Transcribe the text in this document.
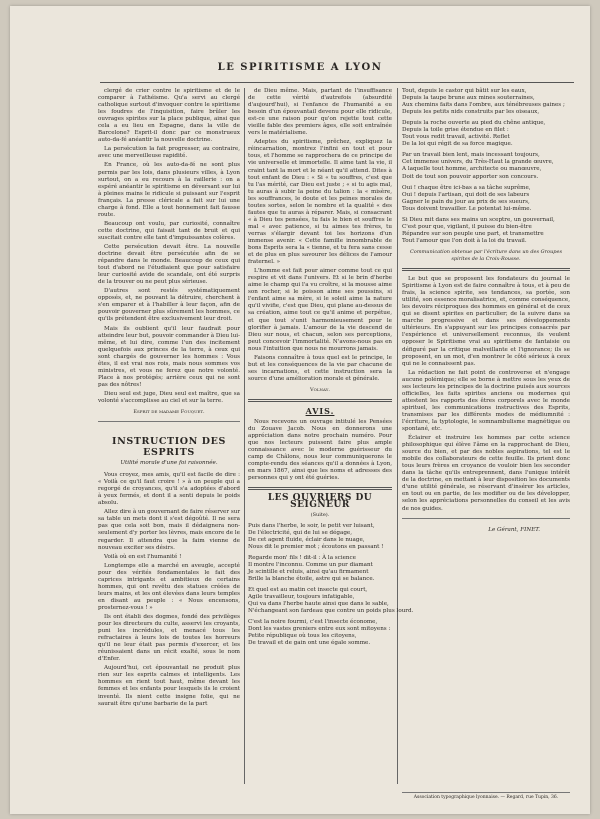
LE SPIRITISME A LYON

clergé de crier contre le spiritisme et de le comparer à l'athéisme. Qu'a servi au clergé catholique surtout d'invoquer contre le spiritisme les foudres de l'inquisition, faire brûler les ouvrages spirites sur la place publique, ainsi que cela a eu lieu en Espagne, dans la ville de Barcelone? Esprit-il donc par ce monstrueux auto-da-fé anéantir la nouvelle doctrine.

La persécution la fait progresser, au contraire, avec une merveilleuse rapidité.

En France, où les auto-da-fé ne sont plus permis par les lois, dans plusieurs villes, à Lyon surtout, on a eu recours à la raillerie : on a espéré anéantir le spiritisme en déversant sur lui à pleines mains le ridicule si puissant sur l'esprit français. La presse cléricale a fait sur lui une charge à fond. Elle a tout honnement fait fausse route.

Beaucoup ont voulu, par curiosité, connaître cette doctrine, qui faisait tant de bruit et qui suscitait contre elle tant d'impuissantes colères.

Cette persécution devait être. La nouvelle doctrine devait être persécutée afin de se répandre dans le monde. Beaucoup de ceux qui tout d'abord ne l'étudiaient que pour satisfaire leur curiosité avide de scandale, ont été surpris de la trouver ou ne peut plus sérieuse.

D'autres sont restés systématiquement opposés, et, ne pouvant la détruire, cherchent à s'en emparer et à l'habiller à leur façon, afin de pouvoir gouverner plus sûrement les hommes, ce qu'ils prétendent être exclusivement leur droit.

Mais ils oublient qu'il leur faudrait pour atteindre leur but, pouvoir commander à Dieu lui-même, et lui dire, comme l'un des incitement quelquefois aux princes de la terre, à ceux qui sont chargés de gouverner les hommes : Vous êtes, il est vrai nos rois, mais nous sommes vos ministres, et vous ne ferez que notre volonté. Place à nos protégés; arrière ceux qui ne sont pas des nôtres!

Dieu seul est juge, Dieu seul est maître, que sa volonté s'accomplisse au ciel et sur la terre.

Esprit de madame Fouquet.
INSTRUCTION DES ESPRITS
Utilité morale d'une foi raisonnée.

Vous croyez, mes amis, qu'il est facile de dire : « Voilà ce qu'il faut croire ! » à un peuple qui a regorgé de croyances, qu'il s'a adoptées d'abord à yeux fermés, et dont il a senti depuis le poids absolu.

Allez dire à un gouvernant de faire réserver sur sa table un mets dont il s'est dégoûté. Il ne sera pas que cela soit bon, mais il dédaignera non-seulement d'y porter les lèvres, mais encore de le regarder. Il attendra que la faim vienne de nouveau exciter ses désirs.

Voilà où en est l'humanité !

Longtemps elle a marché en aveugle, accepté pour des vérités fondamentales le fait des caprices intrigants et ambitieux de certains hommes, qui ont revêtu des statues créées de leurs mains, et les ont élevées dans leurs temples en disant au peuple : « Nous encensons, prosternez-vous ! »

Ils ont établi des dogmes, fondé des privilèges pour les directeurs du culte, asservi les croyants, puni les incrédules, et menacé tous les refractaires à leurs lois de toutes les horreurs qu'il ne leur était pas permis d'exercer, et les réunissaient dans un récit exalté, sous le nom d'Enfer.

Aujourd'hui, cet épouvantail ne produit plus rien sur les esprits calmes et intelligents. Les hommes en rient tout haut, même devant les femmes et les enfants pour lesquels ils le croient inventé. Ils nient cette insigne folie, qui ne saurait être qu'une barbarie de la part

de Dieu même. Mais, partant de l'insuffisance de cette vérité d'autrefois (absurdité d'aujourd'hui), si l'enfance de l'humanité a eu besoin d'un épouvantail devenu pour elle ridicule, est-ce une raison pour qu'on rejette tout cette vieille fable des premiers âges, elle soit entraînée vers le matérialisme.

Adeptes du spiritisme, prêchez, expliquez la réincarnation, montrez l'infini en tout et pour tous, et l'homme se rapprochera de ce principe de vie universelle et immortelle. Il aime tant la vie, il craint tant la mort et le néant qu'il attend. Dites à tout enfant de Dieu : « Si « tu souffres, c'est que tu l'as mérité, car Dieu est juste ; « si tu agis mal, tu auras à subir la peine du talion : la « misère, les souffrances, le doute et les peines morales de toutes sortes, selon le nombre et la qualité « des fautes que tu auras à réparer. Mais, si consacrant « à Dieu tes pensées, tu fais le bien et souffres le mal « avec patience, si tu aimes tes frères, tu verras s'élargir devant toi les horizons d'un immense avenir. « Cette famille innombrable de bons Esprits sera la « tienne, et tu fera sans cesse et de plus en plus savourer les délices de l'amour fraternel. »

L'homme est fait pour aimer comme tout ce qui respire et vit dans l'univers. Et si le brin d'herbe aime le champ qui l'a vu croître, si la mousse aime son rocher, si le poisson aime ses poussins, si l'enfant aime sa mère, si le soleil aime la nature qu'il vivifie, c'est que Dieu, qui plane au-dessus de sa création, aime tout ce qu'il anime et perpétue, et que tout s'unit harmonieusement pour le glorifier à jamais. L'amour de la vie descend de Dieu sur nous, et chacun, selon ses perceptions, peut concevoir l'immortalité. N'avons-nous pas en nous l'intuition que nous ne mourrons jamais.

Faisons connaître à tous quel est le principe, le but et les conséquences de la vie par chacune de ses incarnations, et cette instruction sera la source d'une amélioration morale et générale.

Volnay.
AVIS.

Nous recevons un ouvrage intitulé les Pensées du Zouave Jacob. Nous en donnerons une appréciation dans notre prochain numéro. Pour que nos lecteurs puissent faire plus ample connaissance avec le moderne guérisseur du camp de Châlons, nous leur communiquerons le compte-rendu des séances qu'il a données à Lyon, en mars 1867, ainsi que les noms et adresses des personnes qui y ont été guéries.

LES OUVRIERS DU SEIGNEUR
(Suite).

Puis dans l'herbe, le soir, le petit ver luisant,

De l'électricité, qui de lui se dégage,

De cet agent fluide, éclair dans le nuage,

Nous dit le premier mot ; écoutons en passant !

Regarde mon' fils ! dit-il : À la science

Il montre l'inconnu. Comme un pur diamant

Je scintille et reluis, ainsi qu'au firmament

Brille la blanche étoile, astre qui se balance.

Et quel est au matin cet insecte qui court,

Agile travailleur, toujours infatigable,

Qui va dans l'herbe haute ainsi que dans le sable,

N'échangeant son fardeau que contre un poids plus lourd.

C'est la noire fourmi, c'est l'insecte économe,

Dont les vastes greniers entre eux sont mitoyens :

Petite république où tous les citoyens,

De travail et de gain ont une égale somme.

Tout, depuis le castor qui bâtit sur les eaux,

Depuis la taupe brune aux mines souterraines,

Aux chemins faits dans l'ombre, aux ténébreuses gaines ;

Depuis les petits nids construits par les oiseaux,

Depuis la roche ouverte au pied du chêne antique,

Depuis la toile grise étendue en filet :

Tout vous redit travail, activité. Reflet

De la loi qui régit de sa force magique.

Par un travail bien lent, mais incessant toujours,

Cet immense univers, du Très-Haut la grande œuvre,

A laquelle tout homme, architecte ou manœuvre,

Doit de tout son pouvoir apporter son concours.

Oui ! chaque être ici-bas a sa tâche suprême,

Oui ! depuis l'artisan, qui doit de ses labeurs

Gagner le pain du jour au prix de ses sueurs,

Tous doivent travailler. Le potentat lui-même.

Si Dieu mit dans ses mains un sceptre, un gouvernail,

C'est pour que, vigilant, il puisse du bien-être

Répandre sur son peuple une part, et transmettre

Tout l'amour que l'on doit à la loi du travail.

Communication obtenue par l'écriture dans un des Groupes spirites de la Croix-Rousse.

Le but que se proposent les fondateurs du journal le Spiritisme à Lyon est de faire connaître à tous, et à peu de frais, la science spirite, ses tendances, sa portée, son utilité, son essence moralisatrice, et, comme conséquence, les devoirs réciproques des hommes en général et de ceux qui se disent spirites en particulier; de la suivre dans sa marche progressive et dans ses développements ultérieurs. En s'appuyant sur les principes consacrés par l'expérience et universellement reconnus, ils veulent opposer le Spiritisme vrai au spiritisme de fantaisie ou défiguré par la critique malveillante et l'ignorance; ils se proposent, en un mot, d'en montrer le côté sérieux à ceux qui ne le connaissent pas.

La rédaction ne fait point de controverse et n'engage aucune polémique; elle se borne à mettre sous les yeux de ses lecteurs les principes de la doctrine puisés aux sources officielles, les faits spirites anciens ou modernes qui attestent les rapports des êtres corporels avec le monde spirituel, les communications instructives des Esprits, transmises par les différents modes de médiumnité : l'écriture, la typtologie, le somnambulisme magnétique ou spontané, etc.

Éclairer et instruire les hommes par cette science philosophique qui élève l'âme en la rapprochant de Dieu, source du bien, et par des nobles aspirations, tel est le mobile des collaborateurs de cette feuille. Ils prient donc tous leurs frères en croyance de vouloir bien les seconder dans la tâche qu'ils entreprennent, dans l'unique intérêt de la doctrine, en mettant à leur disposition les documents d'une utilité générale, se réservant d'insérer les articles, en tout ou en partie, de les modifier ou de les développer, selon les appréciations personnelles du conseil et les avis de nos guides.

Le Gérant, FINET.
Association typographique lyonnaise. — Regard, rue Tupin, 36.
